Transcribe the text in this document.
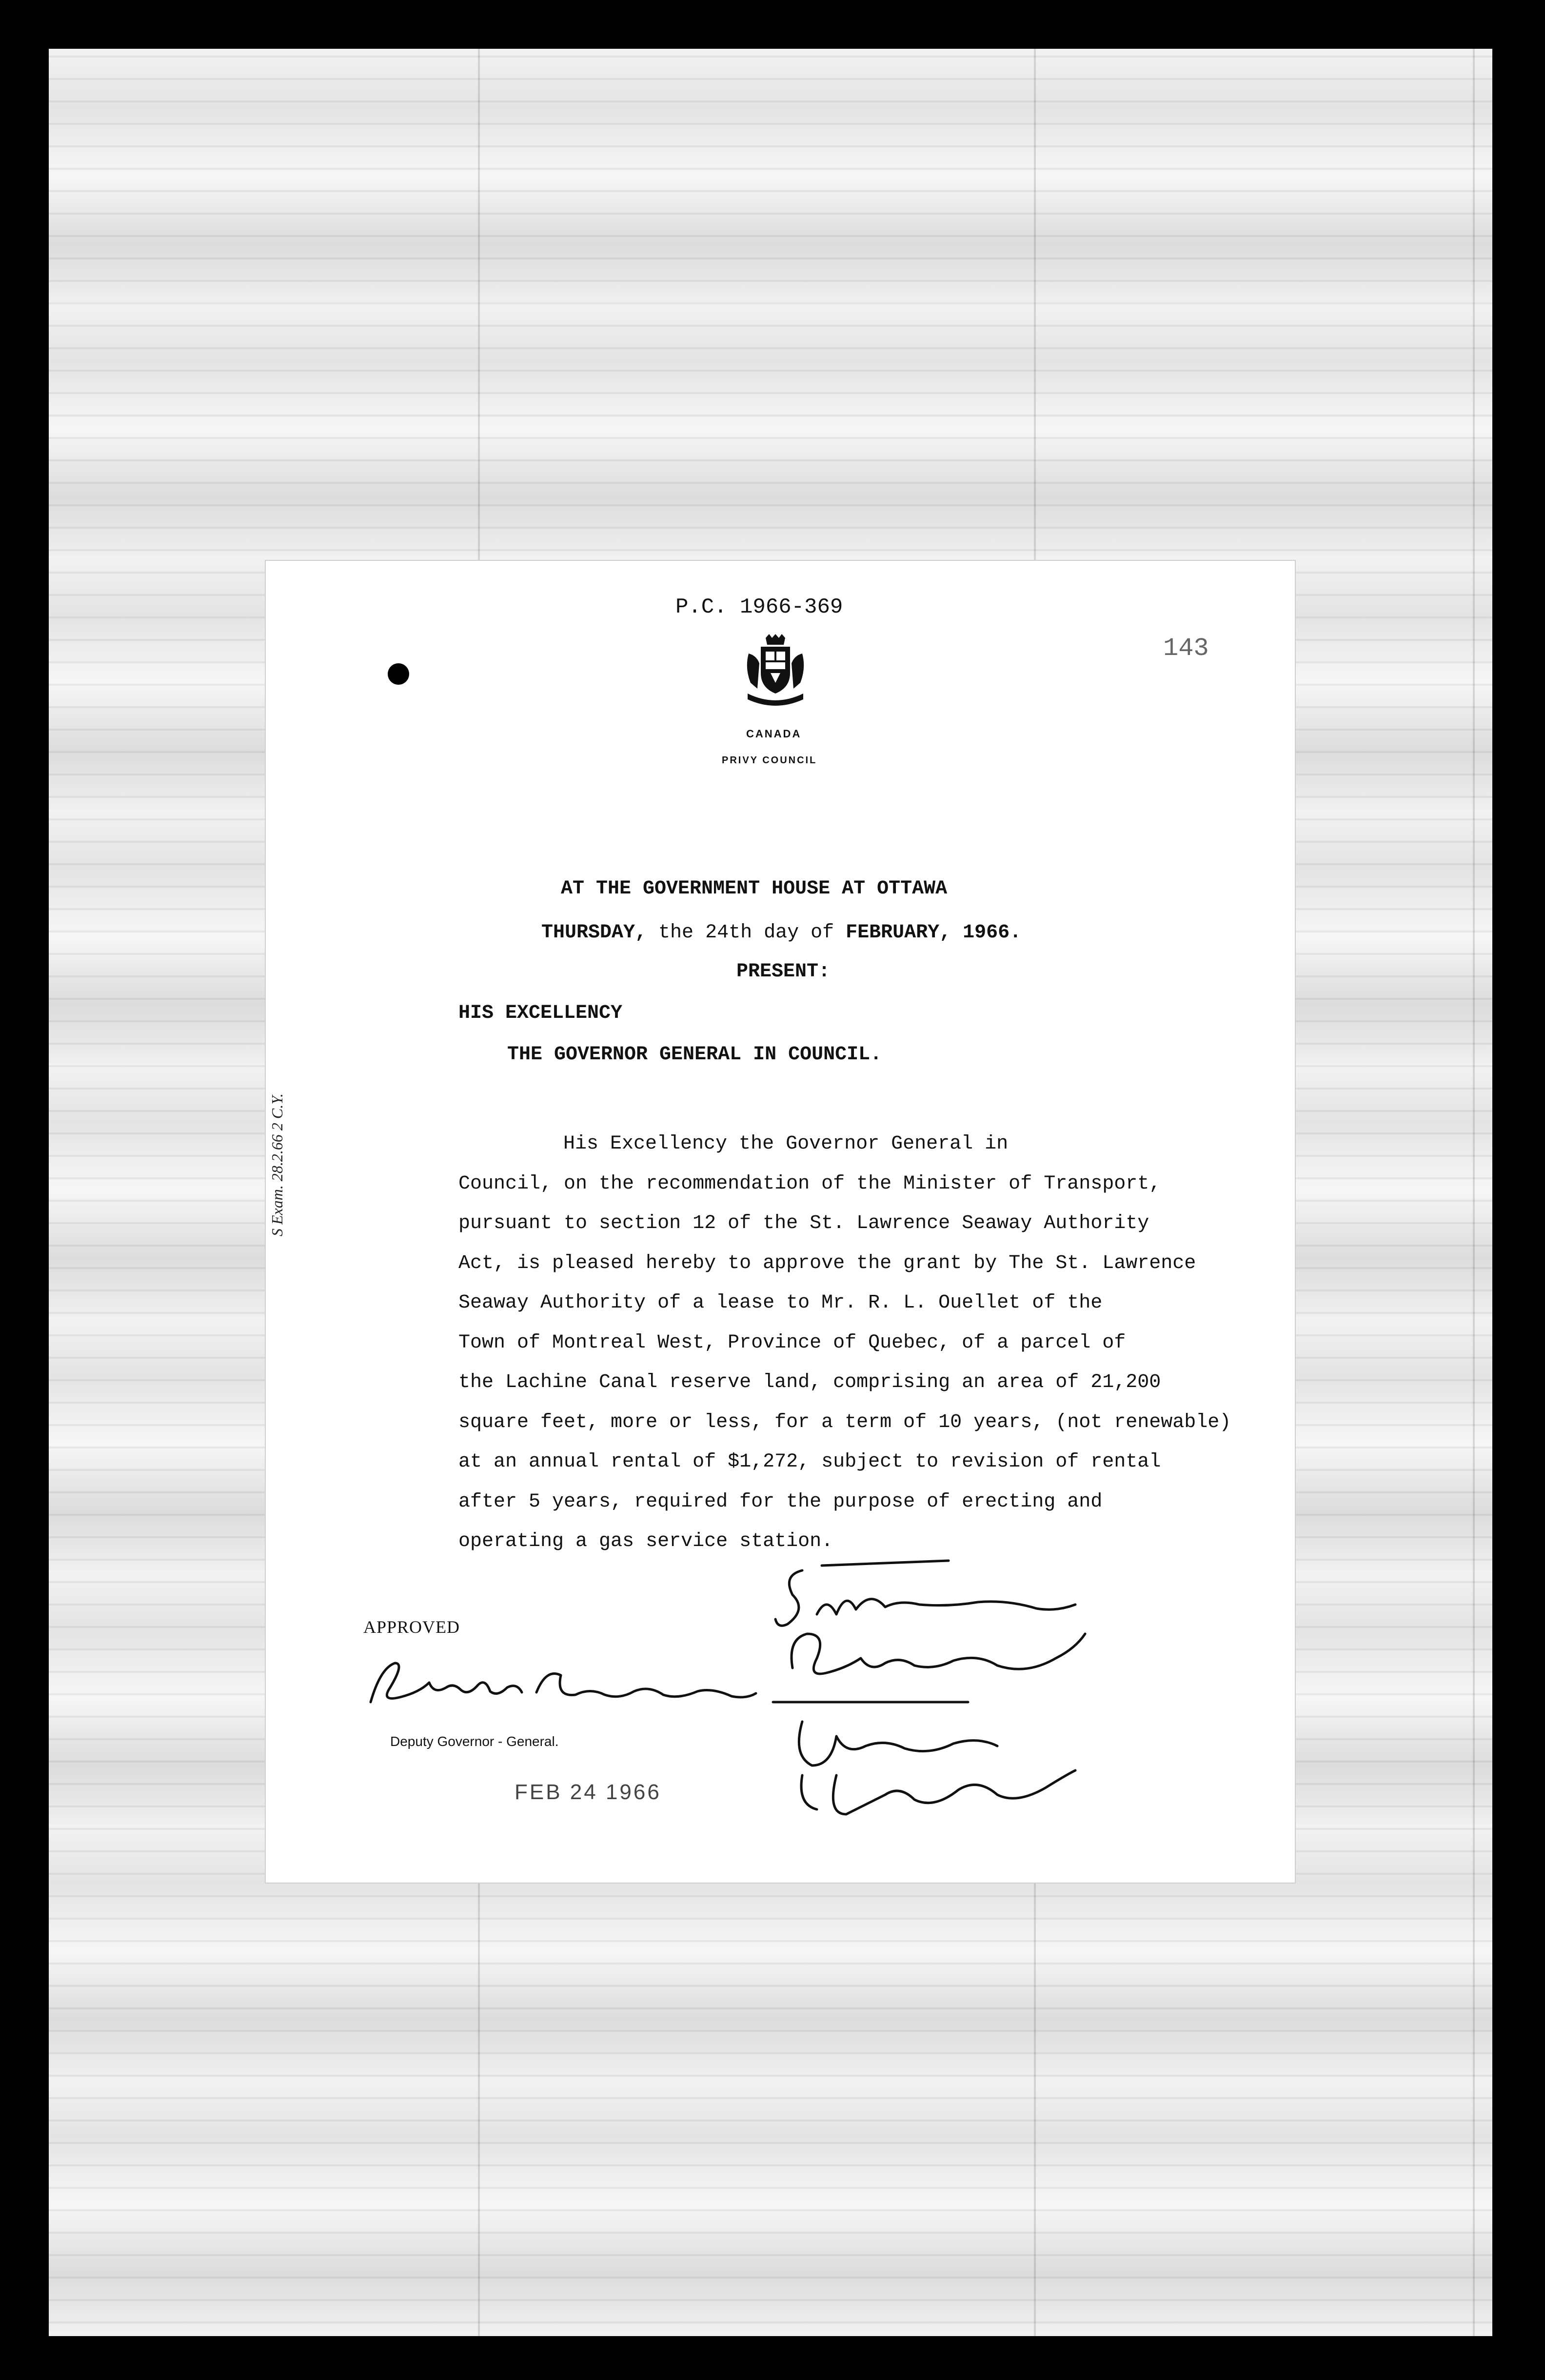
P.C. 1966-369
143
CANADA
PRIVY COUNCIL
AT THE GOVERNMENT HOUSE AT OTTAWA
THURSDAY, the 24th day of FEBRUARY, 1966.
PRESENT:
HIS EXCELLENCY
THE GOVERNOR GENERAL IN COUNCIL.
His Excellency the Governor General in
Council, on the recommendation of the Minister of Transport,
pursuant to section 12 of the St. Lawrence Seaway Authority
Act, is pleased hereby to approve the grant by The St. Lawrence
Seaway Authority of a lease to Mr. R. L. Ouellet of the
Town of Montreal West, Province of Quebec, of a parcel of
the Lachine Canal reserve land, comprising an area of 21,200
square feet, more or less, for a term of 10 years, (not renewable)
at an annual rental of $1,272, subject to revision of rental
after 5 years, required for the purpose of erecting and
operating a gas service station.
S Exam. 28.2.66 2 C.Y.
APPROVED
Deputy Governor - General.
FEB 24 1966
